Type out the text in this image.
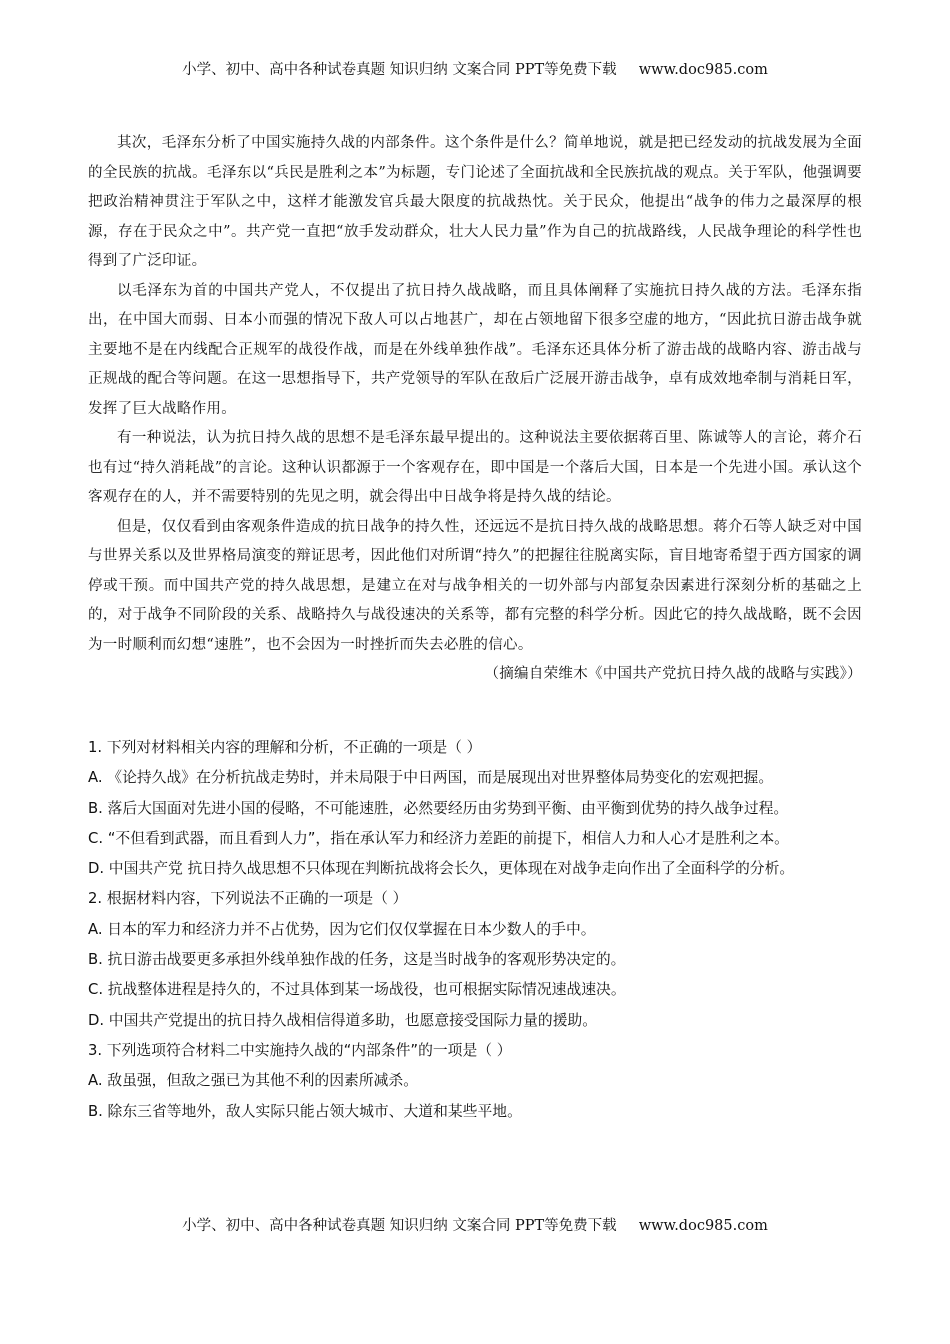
小学、初中、高中各种试卷真题 知识归纳 文案合同 PPT等免费下载 www.doc985.com

其次，毛泽东分析了中国实施持久战的内部条件。这个条件是什么？简单地说，就是把已经发动的抗战发展为全面的全民族的抗战。毛泽东以“兵民是胜利之本”为标题，专门论述了全面抗战和全民族抗战的观点。关于军队，他强调要把政治精神贯注于军队之中，这样才能激发官兵最大限度的抗战热忱。关于民众，他提出“战争的伟力之最深厚的根源，存在于民众之中”。共产党一直把“放手发动群众，壮大人民力量”作为自己的抗战路线，人民战争理论的科学性也得到了广泛印证。

以毛泽东为首的中国共产党人，不仅提出了抗日持久战战略，而且具体阐释了实施抗日持久战的方法。毛泽东指出，在中国大而弱、日本小而强的情况下敌人可以占地甚广，却在占领地留下很多空虚的地方，“因此抗日游击战争就主要地不是在内线配合正规军的战役作战，而是在外线单独作战”。毛泽东还具体分析了游击战的战略内容、游击战与正规战的配合等问题。在这一思想指导下，共产党领导的军队在敌后广泛展开游击战争，卓有成效地牵制与消耗日军，发挥了巨大战略作用。

有一种说法，认为抗日持久战的思想不是毛泽东最早提出的。这种说法主要依据蒋百里、陈诚等人的言论，蒋介石也有过“持久消耗战”的言论。这种认识都源于一个客观存在，即中国是一个落后大国，日本是一个先进小国。承认这个客观存在的人，并不需要特别的先见之明，就会得出中日战争将是持久战的结论。

但是，仅仅看到由客观条件造成的抗日战争的持久性，还远远不是抗日持久战的战略思想。蒋介石等人缺乏对中国与世界关系以及世界格局演变的辩证思考，因此他们对所谓“持久”的把握往往脱离实际，盲目地寄希望于西方国家的调停或干预。而中国共产党的持久战思想，是建立在对与战争相关的一切外部与内部复杂因素进行深刻分析的基础之上的，对于战争不同阶段的关系、战略持久与战役速决的关系等，都有完整的科学分析。因此它的持久战战略，既不会因为一时顺利而幻想“速胜”，也不会因为一时挫折而失去必胜的信心。

（摘编自荣维木《中国共产党抗日持久战的战略与实践》）

1. 下列对材料相关内容的理解和分析，不正确的一项是（ ）

A. 《论持久战》在分析抗战走势时，并未局限于中日两国，而是展现出对世界整体局势变化的宏观把握。

B. 落后大国面对先进小国的侵略，不可能速胜，必然要经历由劣势到平衡、由平衡到优势的持久战争过程。

C. “不但看到武器，而且看到人力”，指在承认军力和经济力差距的前提下，相信人力和人心才是胜利之本。

D. 中国共产党 抗日持久战思想不只体现在判断抗战将会长久，更体现在对战争走向作出了全面科学的分析。

2. 根据材料内容，下列说法不正确的一项是（ ）

A. 日本的军力和经济力并不占优势，因为它们仅仅掌握在日本少数人的手中。

B. 抗日游击战要更多承担外线单独作战的任务，这是当时战争的客观形势决定的。

C. 抗战整体进程是持久的，不过具体到某一场战役，也可根据实际情况速战速决。

D. 中国共产党提出的抗日持久战相信得道多助，也愿意接受国际力量的援助。

3. 下列选项符合材料二中实施持久战的“内部条件”的一项是（ ）

A. 敌虽强，但敌之强已为其他不利的因素所减杀。

B. 除东三省等地外，敌人实际只能占领大城市、大道和某些平地。

小学、初中、高中各种试卷真题 知识归纳 文案合同 PPT等免费下载 www.doc985.com
